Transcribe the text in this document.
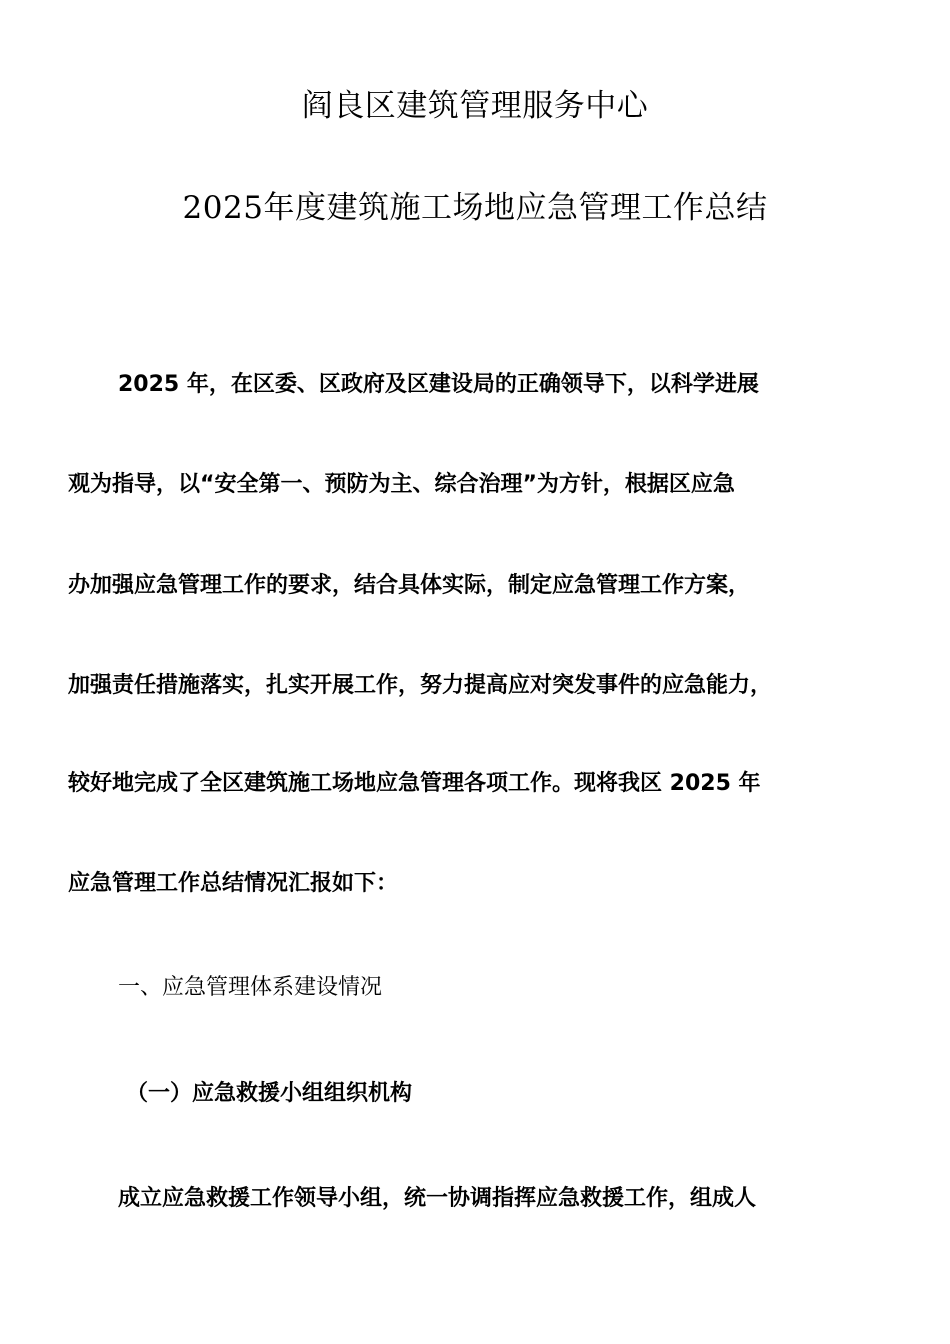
阎良区建筑管理服务中心
2025年度建筑施工场地应急管理工作总结
2025 年，在区委、区政府及区建设局的正确领导下，以科学进展
观为指导，以“安全第一、预防为主、综合治理”为方针，根据区应急
办加强应急管理工作的要求，结合具体实际，制定应急管理工作方案，
加强责任措施落实，扎实开展工作，努力提高应对突发事件的应急能力，
较好地完成了全区建筑施工场地应急管理各项工作。现将我区 2025 年
应急管理工作总结情况汇报如下：
一、应急管理体系建设情况
（一）应急救援小组组织机构
成立应急救援工作领导小组，统一协调指挥应急救援工作，组成人
